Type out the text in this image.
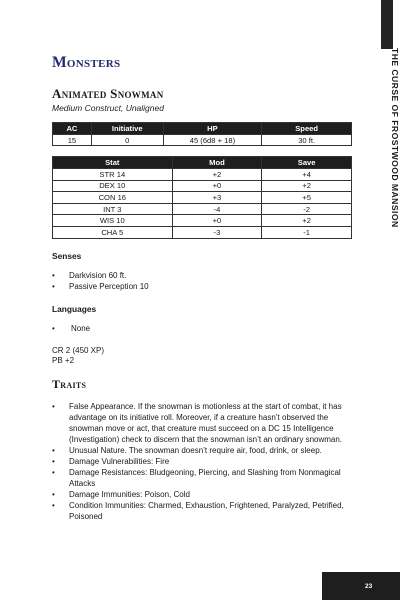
THE CURSE OF FROSTWOOD MANSION
Monsters
Animated Snowman
Medium Construct, Unaligned
AC	Initiative	HP	Speed
15	0	45 (6d8 + 18)	30 ft.
Stat	Mod	Save
STR 14	+2	+4
DEX 10	+0	+2
CON 16	+3	+5
INT 3	-4	-2
WIS 10	+0	+2
CHA 5	-3	-1
Senses
• Darkvision 60 ft.
• Passive Perception 10
Languages
• None
CR 2 (450 XP)
PB +2
Traits
• False Appearance. If the snowman is motionless at the start of combat, it has advantage on its initiative roll. Moreover, if a creature hasn’t observed the snowman move or act, that creature must succeed on a DC 15 Intelligence (Investigation) check to discern that the snowman isn’t an ordinary snowman.
• Unusual Nature. The snowman doesn’t require air, food, drink, or sleep.
• Damage Vulnerabilities: Fire
• Damage Resistances: Bludgeoning, Piercing, and Slashing from Nonmagical Attacks
• Damage Immunities: Poison, Cold
• Condition Immunities: Charmed, Exhaustion, Frightened, Paralyzed, Petrified, Poisoned
23
